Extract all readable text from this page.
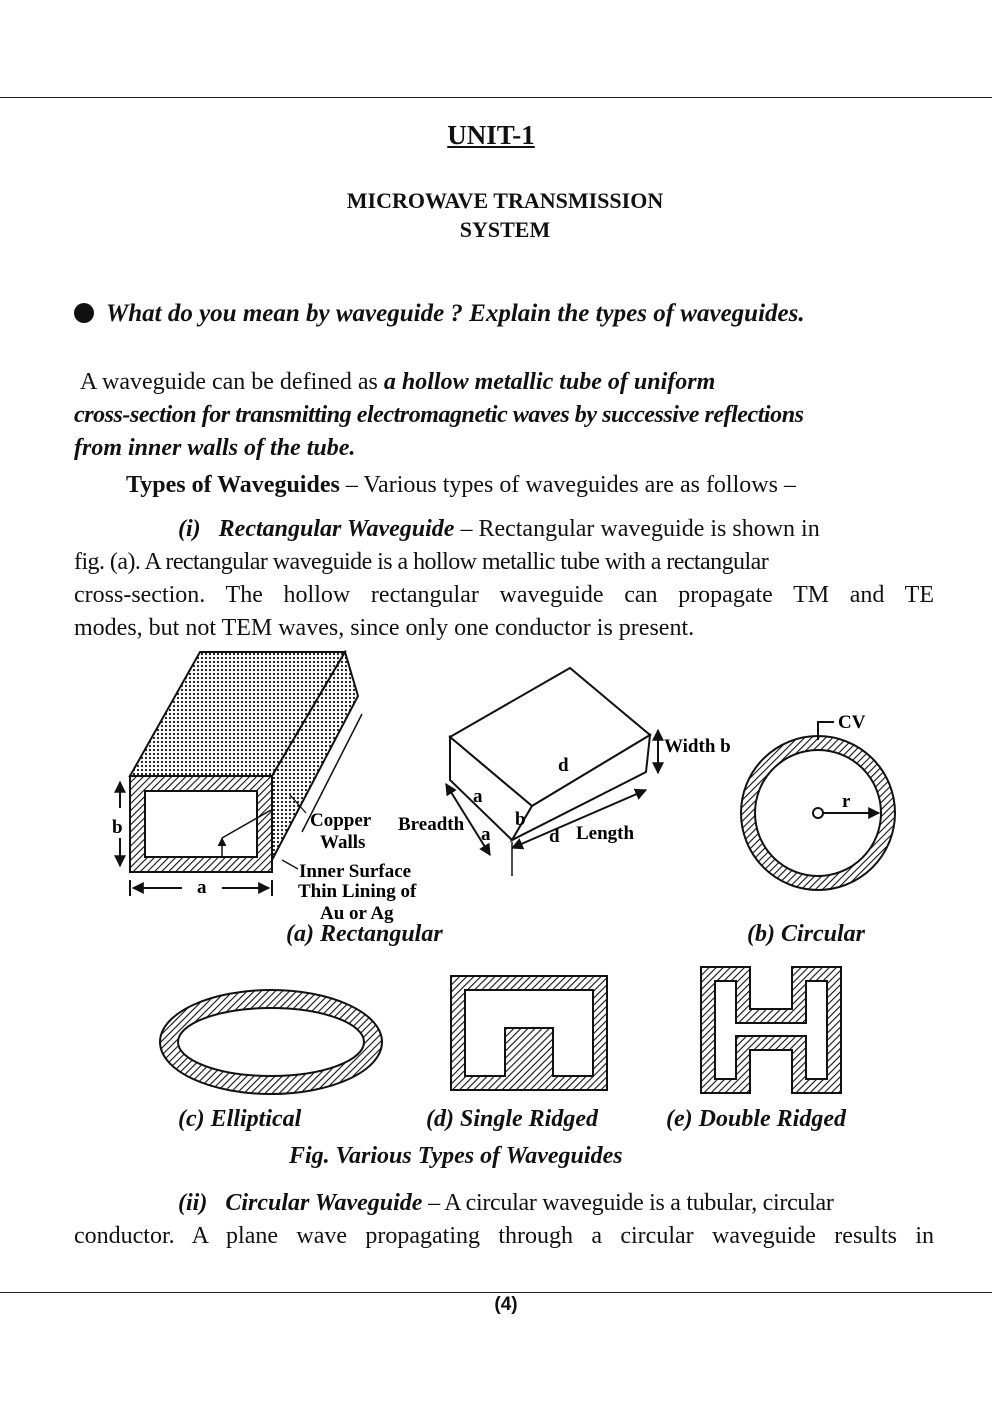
UNIT-1
MICROWAVE TRANSMISSION
SYSTEM
What do you mean by waveguide ? Explain the types of waveguides.
A waveguide can be defined as a hollow metallic tube of uniform
cross-section for transmitting electromagnetic waves by successive reflections
from inner walls of the tube.
Types of Waveguides – Various types of waveguides are as follows –
(i)   Rectangular Waveguide – Rectangular waveguide is shown in
fig. (a). A rectangular waveguide is a hollow metallic tube with a rectangular
cross-section. The hollow rectangular waveguide can propagate TM and TE
modes, but not TEM waves, since only one conductor is present.
b
a
Copper
Walls
Inner Surface
Thin Lining of
Au or Ag
d
Width b
a
Breadth a
b
d Length
r
CV
(a) Rectangular	(b) Circular
(c) Elliptical	(d) Single Ridged	(e) Double Ridged
Fig. Various Types of Waveguides
(ii)   Circular Waveguide – A circular waveguide is a tubular, circular
conductor. A plane wave propagating through a circular waveguide results in
(4)
